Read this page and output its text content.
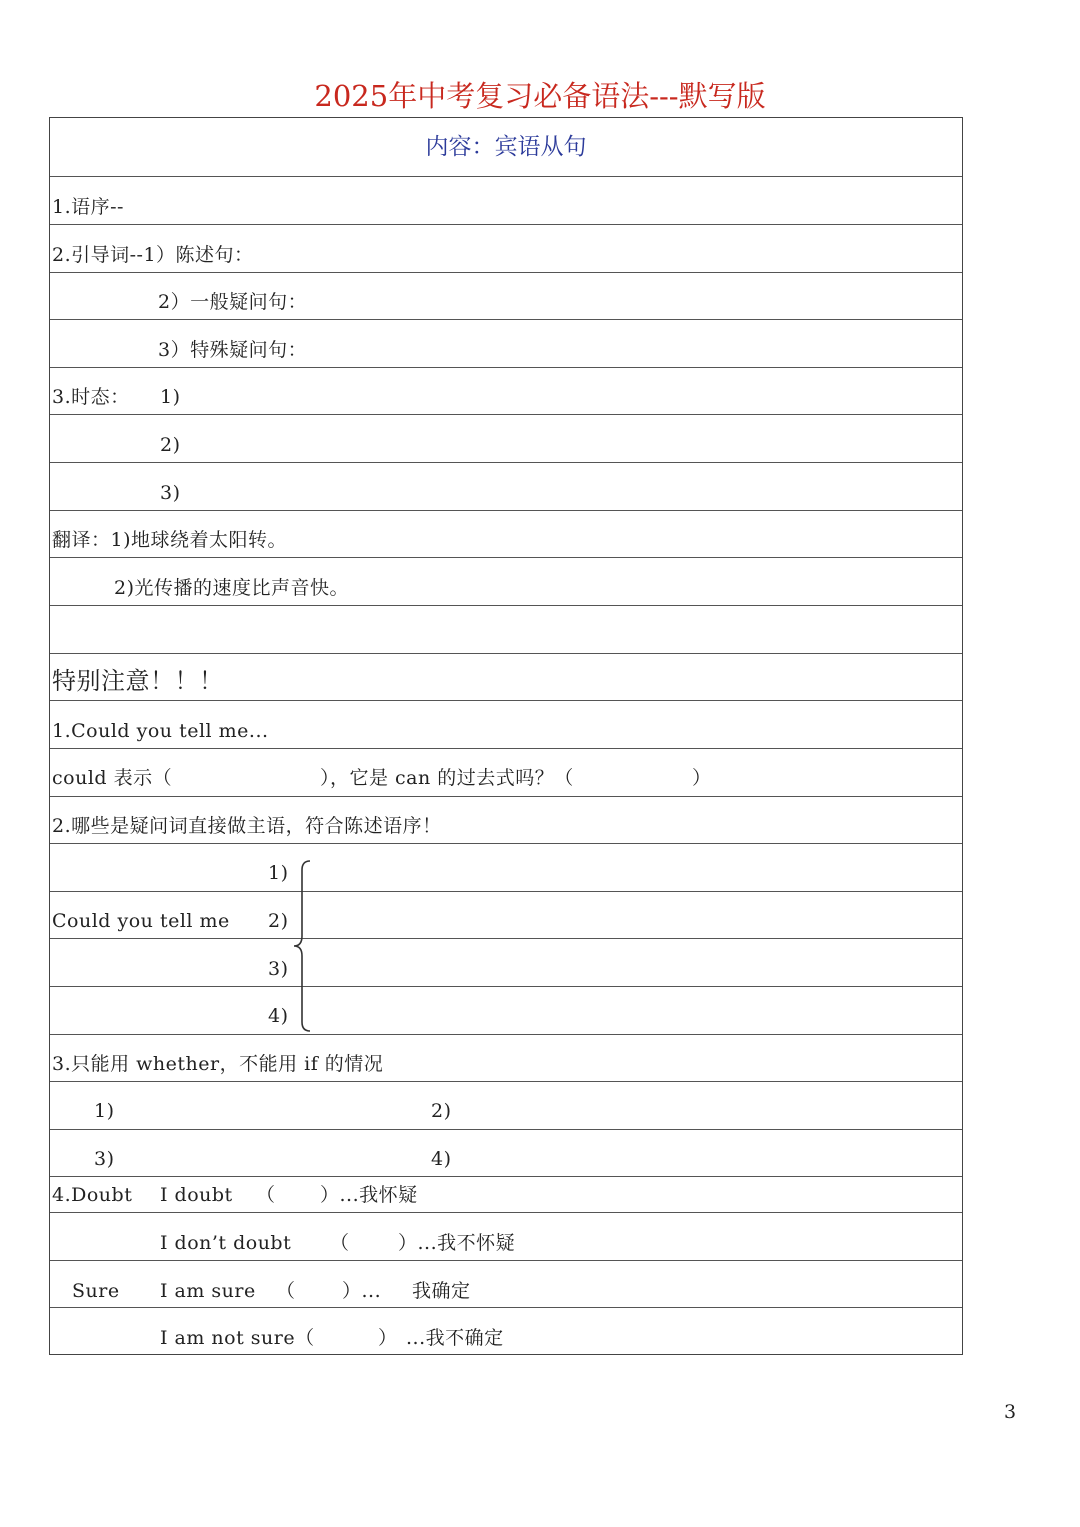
2025年中考复习必备语法---默写版
内容：宾语从句
1.语序--
2.引导词--1）陈述句：
2）一般疑问句：
3）特殊疑问句：
3.时态： 1)
2)
3)
翻译：1)地球绕着太阳转。
2)光传播的速度比声音快。
特别注意！！！
1.Could you tell me...
could 表示（	），它是 can 的过去式吗？（	）
2.哪些是疑问词直接做主语，符合陈述语序！
1)
Could you tell me 2)
3)
4)
3.只能用 whether，不能用 if 的情况
1)	2)
3)	4)
4.Doubt I doubt （ ）...我怀疑
I don’t doubt （	）...我不怀疑
Sure I am sure （ ）... 我确定
I am not sure（	） ...我不确定
3
